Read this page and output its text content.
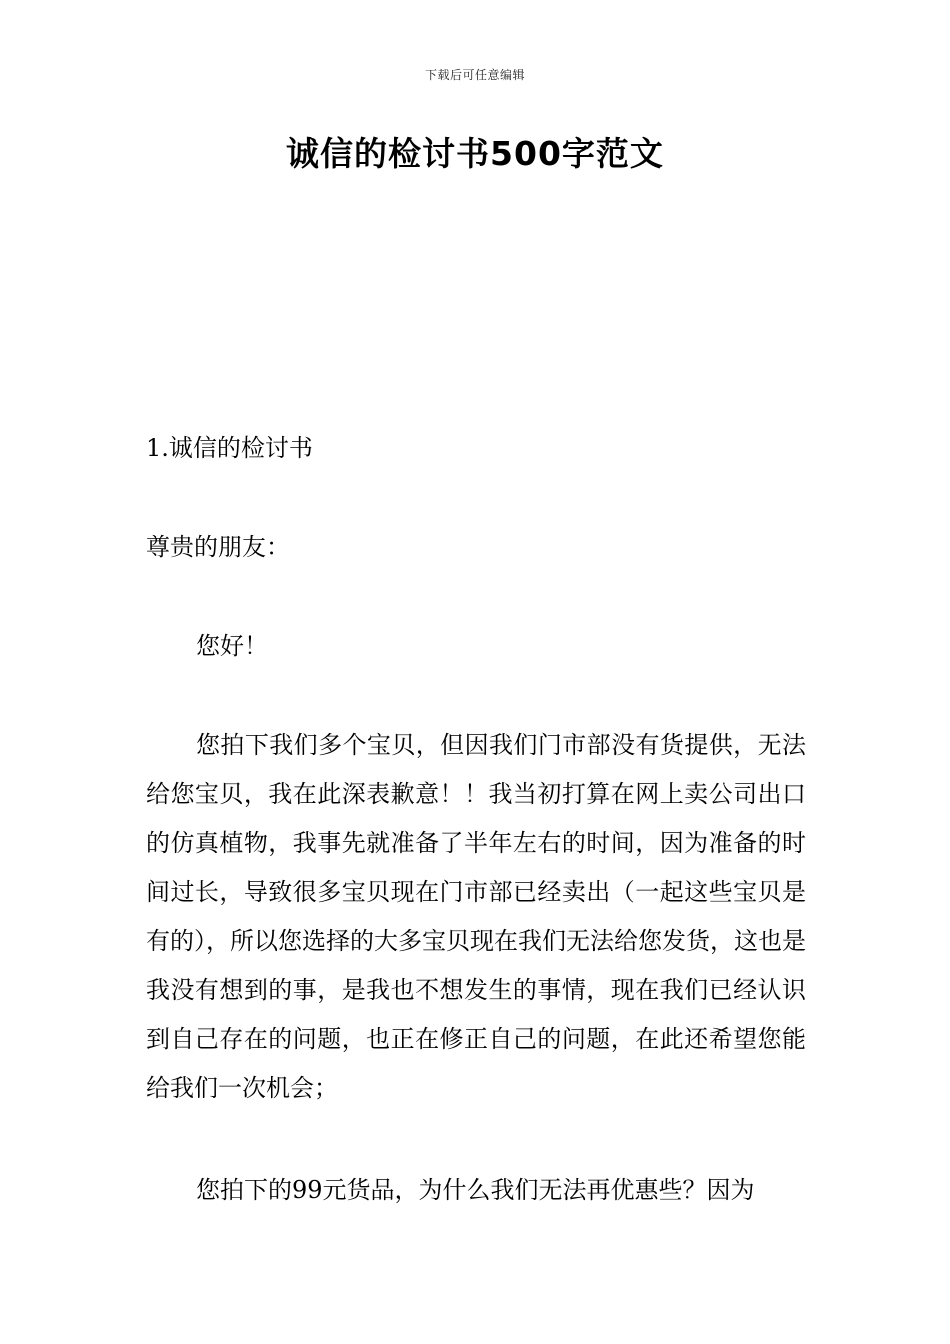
下载后可任意编辑
诚信的检讨书500字范文

1.诚信的检讨书

尊贵的朋友：

您好！

您拍下我们多个宝贝，但因我们门市部没有货提供，无法给您宝贝，我在此深表歉意！！我当初打算在网上卖公司出口的仿真植物，我事先就准备了半年左右的时间，因为准备的时间过长，导致很多宝贝现在门市部已经卖出（一起这些宝贝是有的），所以您选择的大多宝贝现在我们无法给您发货，这也是我没有想到的事，是我也不想发生的事情，现在我们已经认识到自己存在的问题，也正在修正自己的问题，在此还希望您能给我们一次机会；

您拍下的99元货品，为什么我们无法再优惠些？因为
